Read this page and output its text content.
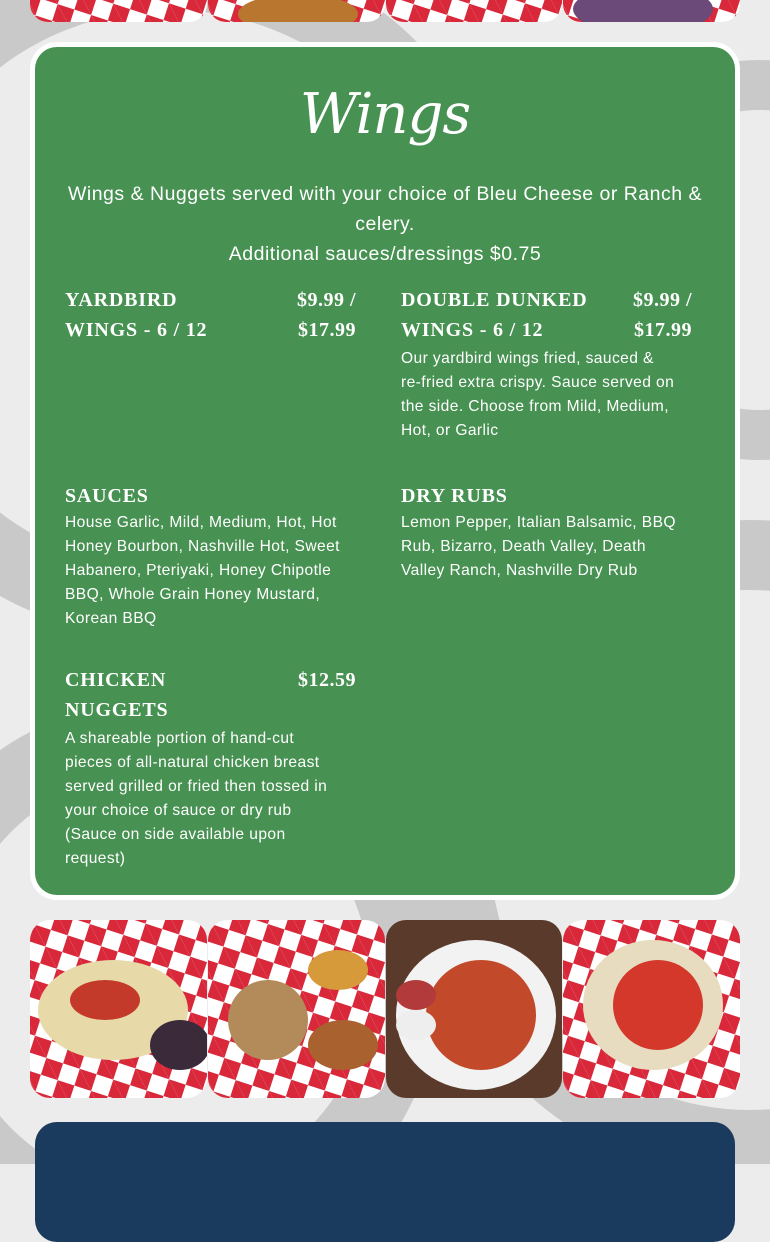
Wings
Wings & Nuggets served with your choice of Bleu Cheese or Ranch & celery.
Additional sauces/dressings $0.75
YARDBIRD WINGS - 6 / 12
$9.99 / $17.99
DOUBLE DUNKED WINGS - 6 / 12
$9.99 / $17.99
Our yardbird wings fried, sauced & re-fried extra crispy. Sauce served on the side. Choose from Mild, Medium, Hot, or Garlic
SAUCES
House Garlic, Mild, Medium, Hot, Hot Honey Bourbon, Nashville Hot, Sweet Habanero, Pteriyaki, Honey Chipotle BBQ, Whole Grain Honey Mustard, Korean BBQ
DRY RUBS
Lemon Pepper, Italian Balsamic, BBQ Rub, Bizarro, Death Valley, Death Valley Ranch, Nashville Dry Rub
CHICKEN NUGGETS
$12.59
A shareable portion of hand-cut pieces of all-natural chicken breast served grilled or fried then tossed in your choice of sauce or dry rub (Sauce on side available upon request)
